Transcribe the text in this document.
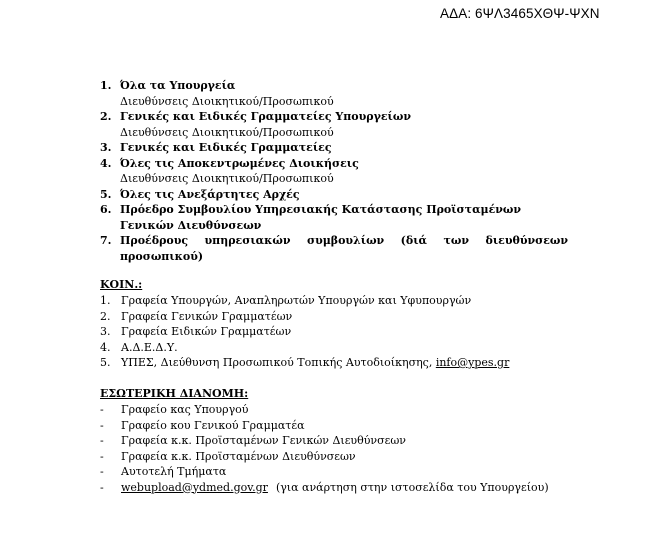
ΑΔΑ: 6ΨΛ3465ΧΘΨ-ΨΧΝ
1. Όλα τα Υπουργεία
Διευθύνσεις Διοικητικού/Προσωπικού
2. Γενικές και Ειδικές Γραμματείες Υπουργείων
Διευθύνσεις Διοικητικού/Προσωπικού
3. Γενικές και Ειδικές Γραμματείες
4. Όλες τις Αποκεντρωμένες Διοικήσεις
Διευθύνσεις Διοικητικού/Προσωπικού
5. Όλες τις Ανεξάρτητες Αρχές
6. Πρόεδρο Συμβουλίου Υπηρεσιακής Κατάστασης Προϊσταμένων Γενικών Διευθύνσεων
7. Προέδρους υπηρεσιακών συμβουλίων (διά των διευθύνσεων προσωπικού)
ΚΟΙΝ.:
1. Γραφεία Υπουργών, Αναπληρωτών Υπουργών και Υφυπουργών
2. Γραφεία Γενικών Γραμματέων
3. Γραφεία Ειδικών Γραμματέων
4. Α.Δ.Ε.Δ.Υ.
5. ΥΠΕΣ, Διεύθυνση Προσωπικού Τοπικής Αυτοδιοίκησης, info@ypes.gr
ΕΣΩΤΕΡΙΚΗ ΔΙΑΝΟΜΗ:
-	Γραφείο κας Υπουργού
-	Γραφείο κου Γενικού Γραμματέα
-	Γραφεία κ.κ. Προϊσταμένων Γενικών Διευθύνσεων
-	Γραφεία κ.κ. Προϊσταμένων Διευθύνσεων
-	Αυτοτελή Τμήματα
-	webupload@ydmed.gov.gr (για ανάρτηση στην ιστοσελίδα του Υπουργείου)
